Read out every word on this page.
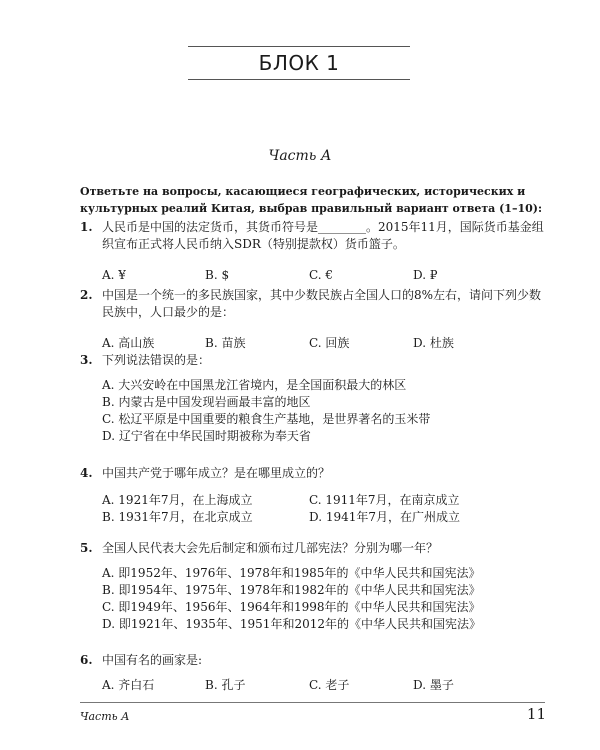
БЛОК 1
Часть А
Ответьте на вопросы, касающиеся географических, исторических и культурных реалий Китая, выбрав правильный вариант ответа (1–10):
1. 人民币是中国的法定货币，其货币符号是________。2015年11月，国际货币基金组织宣布正式将人民币纳入SDR（特别提款权）货币篮子。
A. ¥	B. $	C. €	D. ₽
2. 中国是一个统一的多民族国家，其中少数民族占全国人口的8%左右，请问下列少数民族中，人口最少的是：
A. 高山族	B. 苗族	C. 回族	D. 杜族
3. 下列说法错误的是：
A. 大兴安岭在中国黑龙江省境内，是全国面积最大的林区
B. 内蒙古是中国发现岩画最丰富的地区
C. 松辽平原是中国重要的粮食生产基地，是世界著名的玉米带
D. 辽宁省在中华民国时期被称为奉天省
4. 中国共产党于哪年成立？是在哪里成立的？
A. 1921年7月，在上海成立	C. 1911年7月，在南京成立
B. 1931年7月，在北京成立	D. 1941年7月，在广州成立
5. 全国人民代表大会先后制定和颁布过几部宪法？分别为哪一年？
A. 即1952年、1976年、1978年和1985年的《中华人民共和国宪法》
B. 即1954年、1975年、1978年和1982年的《中华人民共和国宪法》
C. 即1949年、1956年、1964年和1998年的《中华人民共和国宪法》
D. 即1921年、1935年、1951年和2012年的《中华人民共和国宪法》
6. 中国有名的画家是:
A. 齐白石	B. 孔子	C. 老子	D. 墨子
Часть А	11
